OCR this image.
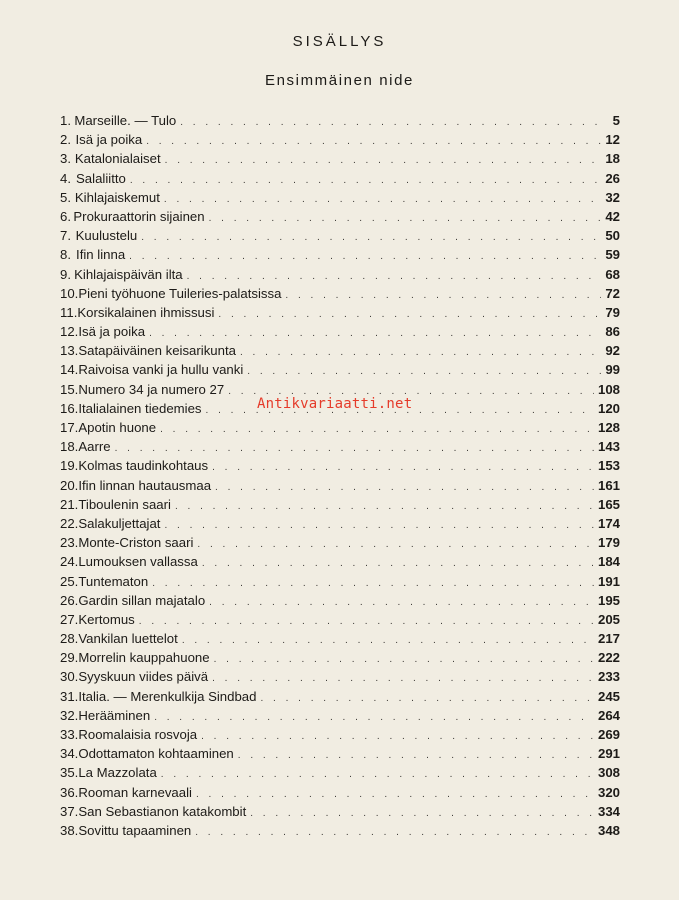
SISÄLLYS
Ensimmäinen nide
1. Marseille. — Tulo . . .	5
2. Isä ja poika . . .	12
3. Katalonialaiset . . .	18
4. Salaliitto . . .	26
5. Kihlajaiskemut . . .	32
6. Prokuraattorin sijainen . . .	42
7. Kuulustelu . . .	50
8. Ifin linna . . .	59
9. Kihlajaispäivän ilta . . .	68
10. Pieni työhuone Tuileries-palatsissa . . .	72
11. Korsikalainen ihmissusi . . .	79
12. Isä ja poika . . .	86
13. Satapäiväinen keisarikunta . . .	92
14. Raivoisa vanki ja hullu vanki . . .	99
15. Numero 34 ja numero 27 . . .	108
16. Italialainen tiedemies . . .	120
17. Apotin huone . . .	128
18. Aarre . . .	143
19. Kolmas taudinkohtaus . . .	153
20. Ifin linnan hautausmaa . . .	161
21. Tiboulenin saari . . .	165
22. Salakuljettajat . . .	174
23. Monte-Criston saari . . .	179
24. Lumouksen vallassa . . .	184
25. Tuntematon . . .	191
26. Gardin sillan majatalo . . .	195
27. Kertomus . . .	205
28. Vankilan luettelot . . .	217
29. Morrelin kauppahuone . . .	222
30. Syyskuun viides päivä . . .	233
31. Italia. — Merenkulkija Sindbad . . .	245
32. Herääminen . . .	264
33. Roomalaisia rosvoja . . .	269
34. Odottamaton kohtaaminen . . .	291
35. La Mazzolata . . .	308
36. Rooman karnevaali . . .	320
37. San Sebastianon katakombit . . .	334
38. Sovittu tapaaminen . . .	348
Antikvariaatti.net
